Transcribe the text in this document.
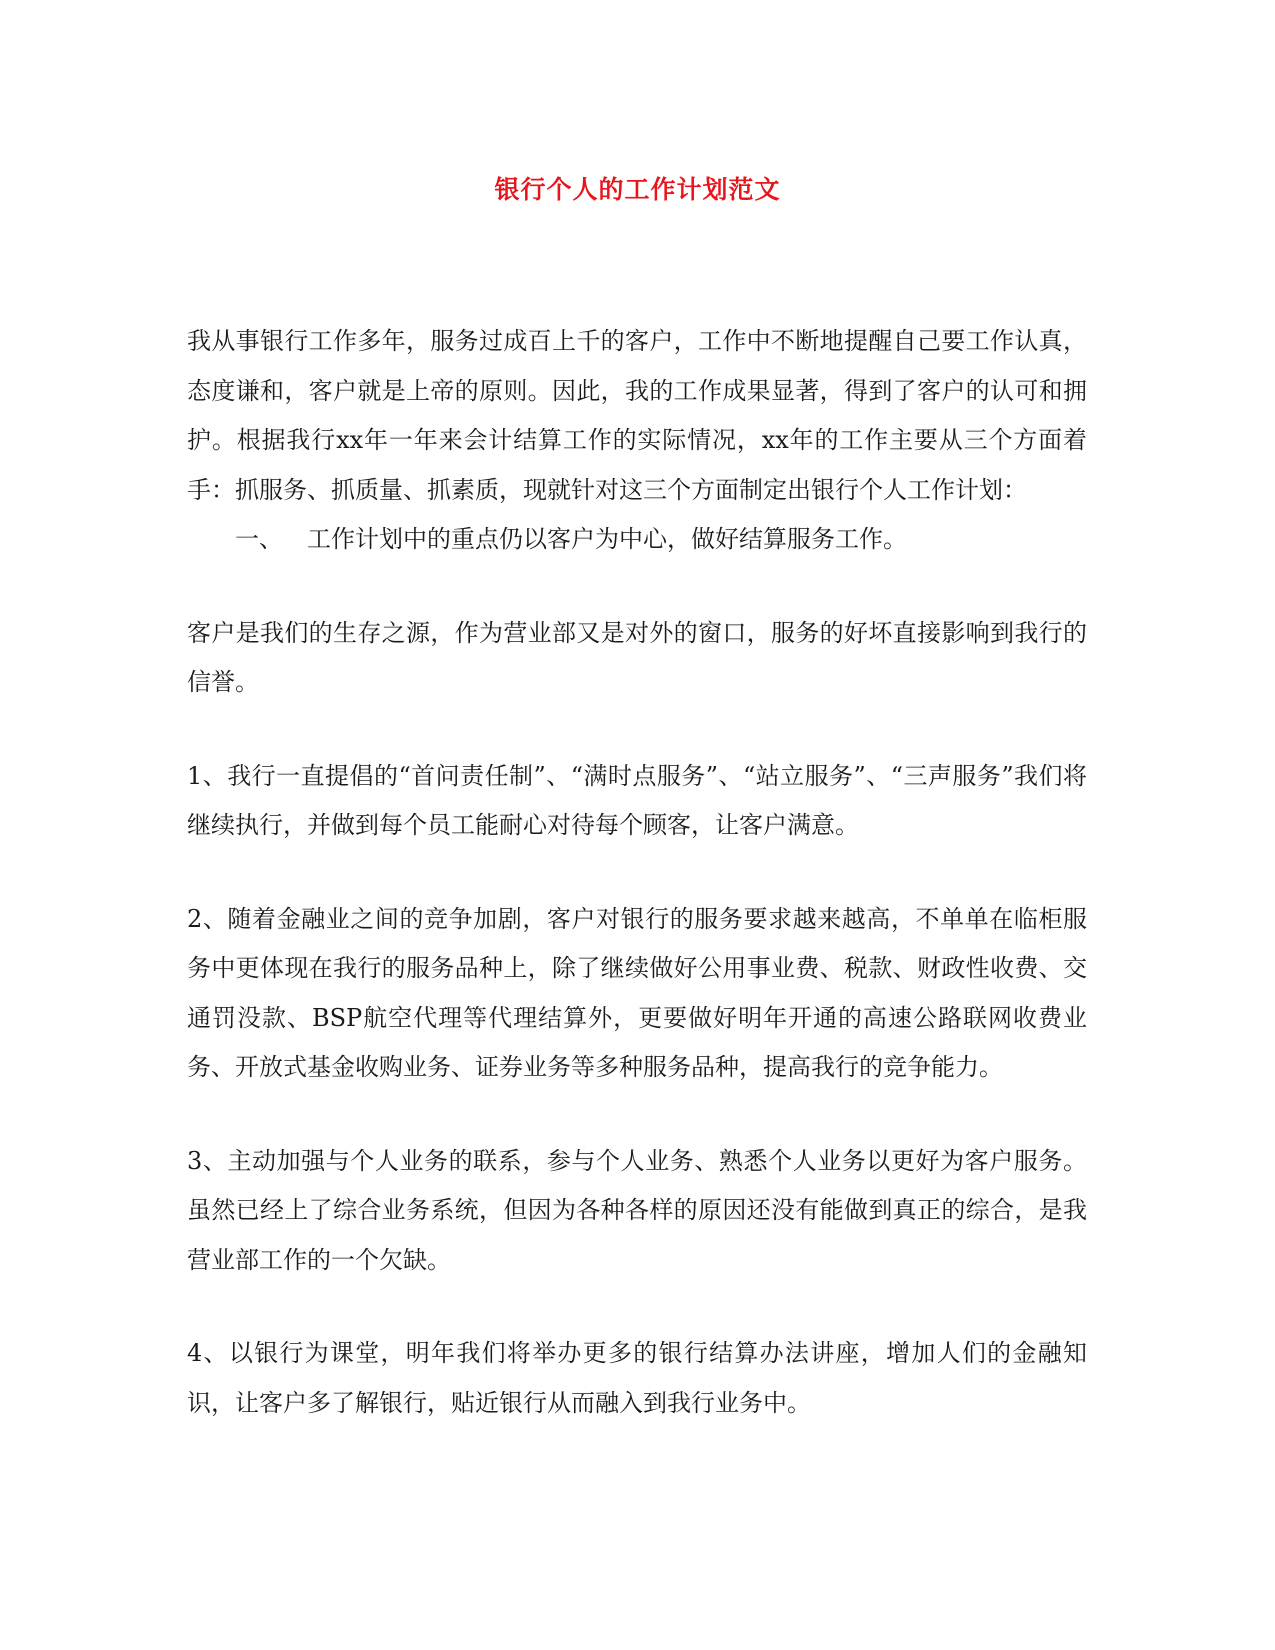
银行个人的工作计划范文

我从事银行工作多年，服务过成百上千的客户，工作中不断地提醒自己要工作认真，态度谦和，客户就是上帝的原则。因此，我的工作成果显著，得到了客户的认可和拥护。根据我行xx年一年来会计结算工作的实际情况，xx年的工作主要从三个方面着手：抓服务、抓质量、抓素质，现就针对这三个方面制定出银行个人工作计划：

一、 工作计划中的重点仍以客户为中心，做好结算服务工作。

客户是我们的生存之源，作为营业部又是对外的窗口，服务的好坏直接影响到我行的信誉。

1、我行一直提倡的“首问责任制”、“满时点服务”、“站立服务”、“三声服务”我们将继续执行，并做到每个员工能耐心对待每个顾客，让客户满意。

2、随着金融业之间的竞争加剧，客户对银行的服务要求越来越高，不单单在临柜服务中更体现在我行的服务品种上，除了继续做好公用事业费、税款、财政性收费、交通罚没款、BSP航空代理等代理结算外，更要做好明年开通的高速公路联网收费业务、开放式基金收购业务、证券业务等多种服务品种，提高我行的竞争能力。

3、主动加强与个人业务的联系，参与个人业务、熟悉个人业务以更好为客户服务。虽然已经上了综合业务系统，但因为各种各样的原因还没有能做到真正的综合，是我营业部工作的一个欠缺。

4、以银行为课堂，明年我们将举办更多的银行结算办法讲座，增加人们的金融知识，让客户多了解银行，贴近银行从而融入到我行业务中。
